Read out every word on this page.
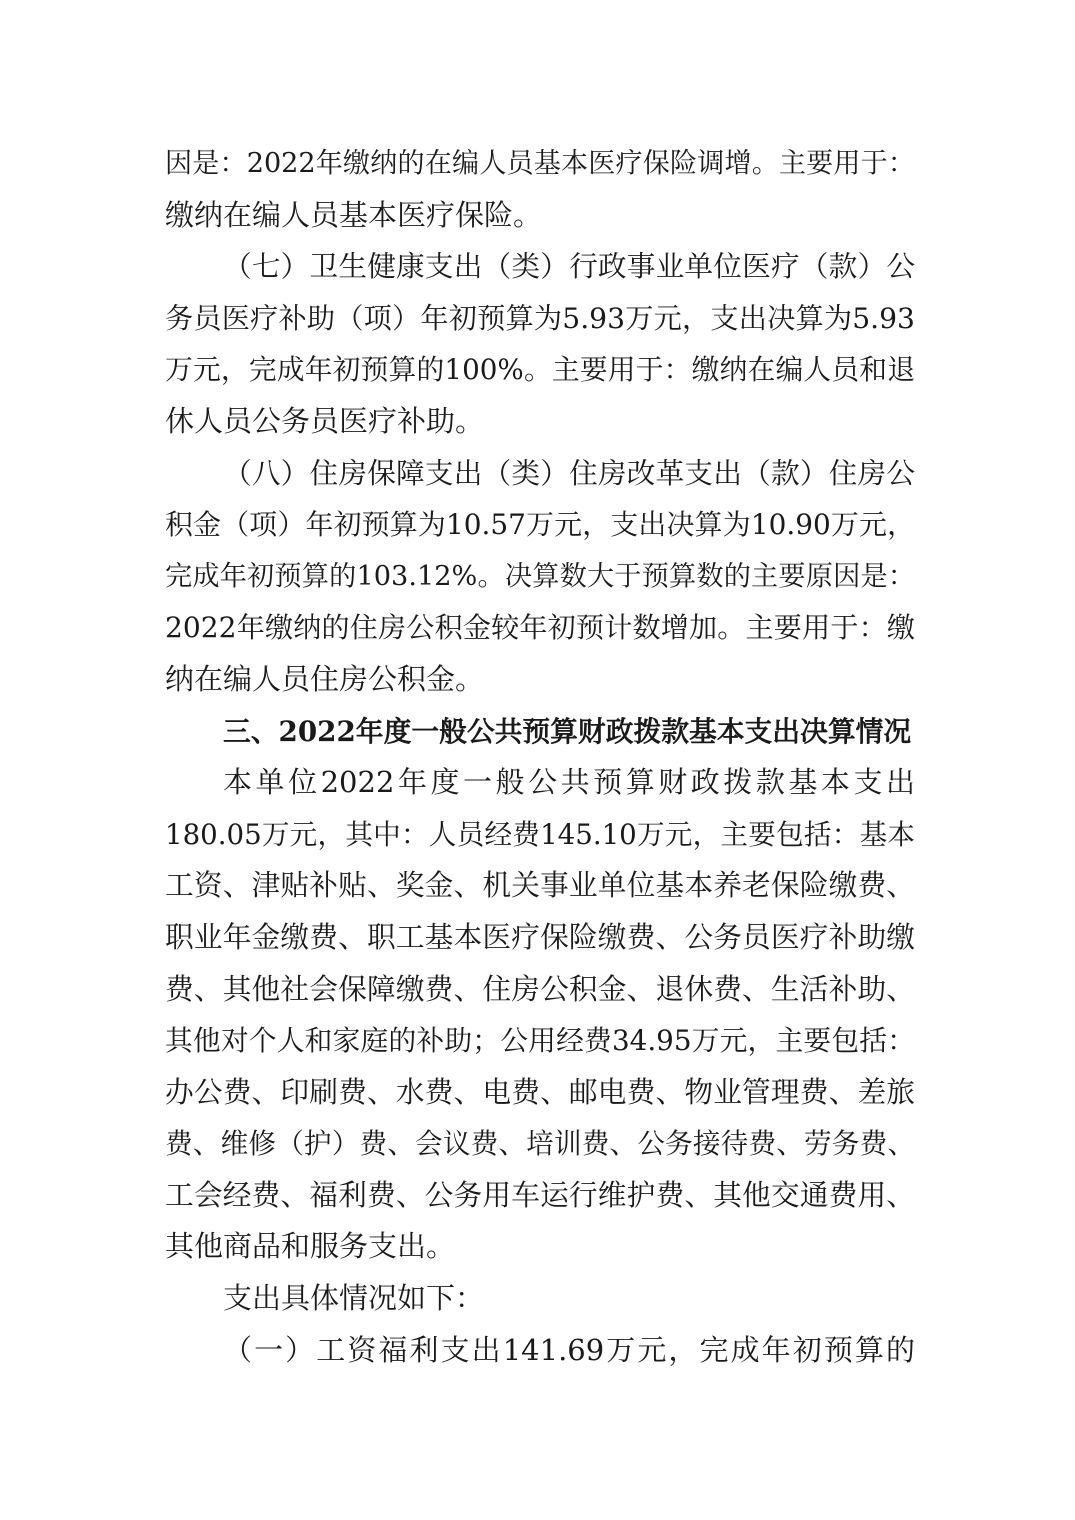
因是：2022年缴纳的在编人员基本医疗保险调增。主要用于：
缴纳在编人员基本医疗保险。
（七）卫生健康支出（类）行政事业单位医疗（款）公
务员医疗补助（项）年初预算为5.93万元，支出决算为5.93
万元，完成年初预算的100%。主要用于：缴纳在编人员和退
休人员公务员医疗补助。
（八）住房保障支出（类）住房改革支出（款）住房公
积金（项）年初预算为10.57万元，支出决算为10.90万元，
完成年初预算的103.12%。决算数大于预算数的主要原因是：
2022年缴纳的住房公积金较年初预计数增加。主要用于：缴
纳在编人员住房公积金。
三、2022年度一般公共预算财政拨款基本支出决算情况
本单位2022年度一般公共预算财政拨款基本支出
180.05万元，其中：人员经费145.10万元，主要包括：基本
工资、津贴补贴、奖金、机关事业单位基本养老保险缴费、
职业年金缴费、职工基本医疗保险缴费、公务员医疗补助缴
费、其他社会保障缴费、住房公积金、退休费、生活补助、
其他对个人和家庭的补助；公用经费34.95万元，主要包括：
办公费、印刷费、水费、电费、邮电费、物业管理费、差旅
费、维修（护）费、会议费、培训费、公务接待费、劳务费、
工会经费、福利费、公务用车运行维护费、其他交通费用、
其他商品和服务支出。
支出具体情况如下：
（一）工资福利支出141.69万元，完成年初预算的
